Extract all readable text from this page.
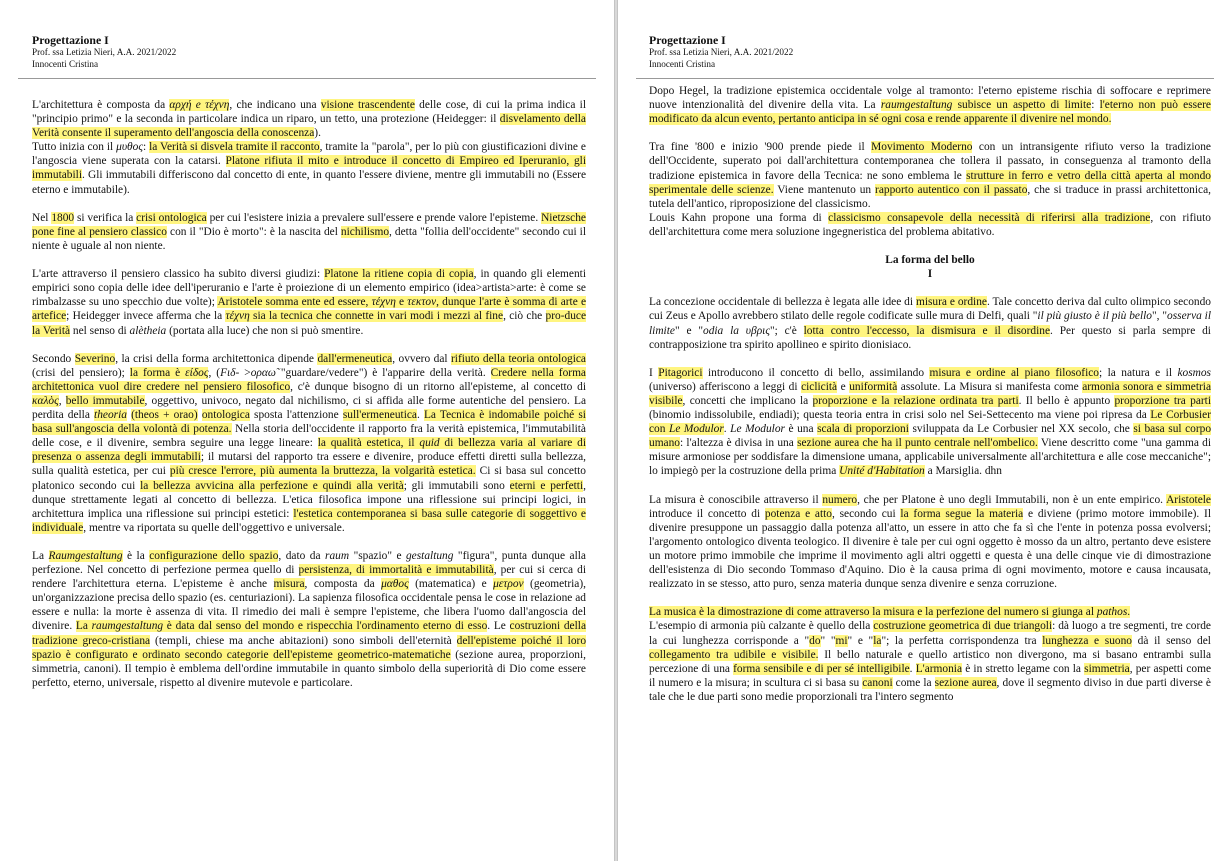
Progettazione I
Prof. ssa Letizia Nieri, A.A. 2021/2022
Innocenti Cristina

L'architettura è composta da αρχή e τέχνη, che indicano una visione trascendente delle cose, di cui la prima indica il "principio primo" e la seconda in particolare indica un riparo, un tetto, una protezione (Heidegger: il disvelamento della Verità consente il superamento dell'angoscia della conoscenza).

Tutto inizia con il μυθος: la Verità si disvela tramite il racconto, tramite la "parola", per lo più con giustificazioni divine e l'angoscia viene superata con la catarsi. Platone rifiuta il mito e introduce il concetto di Empireo ed Iperuranio, gli immutabili. Gli immutabili differiscono dal concetto di ente, in quanto l'essere diviene, mentre gli immutabili no (Essere eterno e immutabile).

Nel 1800 si verifica la crisi ontologica per cui l'esistere inizia a prevalere sull'essere e prende valore l'episteme. Nietzsche pone fine al pensiero classico con il "Dio è morto": è la nascita del nichilismo, detta "follia dell'occidente" secondo cui il niente è uguale al non niente.

L'arte attraverso il pensiero classico ha subito diversi giudizi: Platone la ritiene copia di copia, in quando gli elementi empirici sono copia delle idee dell'iperuranio e l'arte è proiezione di un elemento empirico (idea>artista>arte: è come se rimbalzasse su uno specchio due volte); Aristotele somma ente ed essere, τέχνη e τεκτον, dunque l'arte è somma di arte e artefice; Heidegger invece afferma che la τέχνη sia la tecnica che connette in vari modi i mezzi al fine, ciò che pro-duce la Verità nel senso di alètheia (portata alla luce) che non si può smentire.

Secondo Severino, la crisi della forma architettonica dipende dall'ermeneutica, ovvero dal rifiuto della teoria ontologica (crisi del pensiero); la forma è είδος, (Fιδ- >οραω̃ "guardare/vedere") è l'apparire della verità. Credere nella forma architettonica vuol dire credere nel pensiero filosofico, c'è dunque bisogno di un ritorno all'episteme, al concetto di καλὸς, bello immutabile, oggettivo, univoco, negato dal nichilismo, ci si affida alle forme autentiche del pensiero. La perdita della theoria (theos + orao) ontologica sposta l'attenzione sull'ermeneutica. La Tecnica è indomabile poiché si basa sull'angoscia della volontà di potenza. Nella storia dell'occidente il rapporto fra la verità epistemica, l'immutabilità delle cose, e il divenire, sembra seguire una legge lineare: la qualità estetica, il quid di bellezza varia al variare di presenza o assenza degli immutabili; il mutarsi del rapporto tra essere e divenire, produce effetti diretti sulla bellezza, sulla qualità estetica, per cui più cresce l'errore, più aumenta la bruttezza, la volgarità estetica. Ci si basa sul concetto platonico secondo cui la bellezza avvicina alla perfezione e quindi alla verità; gli immutabili sono eterni e perfetti, dunque strettamente legati al concetto di bellezza. L'etica filosofica impone una riflessione sui principi logici, in architettura implica una riflessione sui principi estetici: l'estetica contemporanea si basa sulle categorie di soggettivo e individuale, mentre va riportata su quelle dell'oggettivo e universale.

La Raumgestaltung è la configurazione dello spazio, dato da raum "spazio" e gestaltung "figura", punta dunque alla perfezione. Nel concetto di perfezione permea quello di persistenza, di immortalità e immutabilità, per cui si cerca di rendere l'architettura eterna. L'episteme è anche misura, composta da μαθος (matematica) e μετρον (geometria), un'organizzazione precisa dello spazio (es. centuriazioni). La sapienza filosofica occidentale pensa le cose in relazione ad essere e nulla: la morte è assenza di vita. Il rimedio dei mali è sempre l'episteme, che libera l'uomo dall'angoscia del divenire. La raumgestaltung è data dal senso del mondo e rispecchia l'ordinamento eterno di esso. Le costruzioni della tradizione greco-cristiana (templi, chiese ma anche abitazioni) sono simboli dell'eternità dell'episteme poiché il loro spazio è configurato e ordinato secondo categorie dell'episteme geometrico-matematiche (sezione aurea, proporzioni, simmetria, canoni). Il tempio è emblema dell'ordine immutabile in quanto simbolo della superiorità di Dio come essere perfetto, eterno, universale, rispetto al divenire mutevole e particolare.

Progettazione I
Prof. ssa Letizia Nieri, A.A. 2021/2022
Innocenti Cristina

Dopo Hegel, la tradizione epistemica occidentale volge al tramonto: l'eterno episteme rischia di soffocare e reprimere nuove intenzionalità del divenire della vita. La raumgestaltung subisce un aspetto di limite: l'eterno non può essere modificato da alcun evento, pertanto anticipa in sé ogni cosa e rende apparente il divenire nel mondo.

Tra fine '800 e inizio '900 prende piede il Movimento Moderno con un intransigente rifiuto verso la tradizione dell'Occidente, superato poi dall'architettura contemporanea che tollera il passato, in conseguenza al tramonto della tradizione epistemica in favore della Tecnica: ne sono emblema le strutture in ferro e vetro della città aperta al mondo sperimentale delle scienze. Viene mantenuto un rapporto autentico con il passato, che si traduce in prassi architettonica, tutela dell'antico, riproposizione del classicismo.

Louis Kahn propone una forma di classicismo consapevole della necessità di riferirsi alla tradizione, con rifiuto dell'architettura come mera soluzione ingegneristica del problema abitativo.

La forma del bello
I

La concezione occidentale di bellezza è legata alle idee di misura e ordine. Tale concetto deriva dal culto olimpico secondo cui Zeus e Apollo avrebbero stilato delle regole codificate sulle mura di Delfi, quali "il più giusto è il più bello", "osserva il limite" e "odia la υβρις"; c'è lotta contro l'eccesso, la dismisura e il disordine. Per questo si parla sempre di contrapposizione tra spirito apollineo e spirito dionisiaco.

I Pitagorici introducono il concetto di bello, assimilando misura e ordine al piano filosofico; la natura e il kosmos (universo) afferiscono a leggi di ciclicità e uniformità assolute. La Misura si manifesta come armonia sonora e simmetria visibile, concetti che implicano la proporzione e la relazione ordinata tra parti. Il bello è appunto proporzione tra parti (binomio indissolubile, endiadi); questa teoria entra in crisi solo nel Sei-Settecento ma viene poi ripresa da Le Corbusier con Le Modulor. Le Modulor è una scala di proporzioni sviluppata da Le Corbusier nel XX secolo, che si basa sul corpo umano: l'altezza è divisa in una sezione aurea che ha il punto centrale nell'ombelico. Viene descritto come "una gamma di misure armoniose per soddisfare la dimensione umana, applicabile universalmente all'architettura e alle cose meccaniche"; lo impiegò per la costruzione della prima Unité d'Habitation a Marsiglia. dhn

La misura è conoscibile attraverso il numero, che per Platone è uno degli Immutabili, non è un ente empirico. Aristotele introduce il concetto di potenza e atto, secondo cui la forma segue la materia e diviene (primo motore immobile). Il divenire presuppone un passaggio dalla potenza all'atto, un essere in atto che fa sì che l'ente in potenza possa evolversi; l'argomento ontologico diventa teologico. Il divenire è tale per cui ogni oggetto è mosso da un altro, pertanto deve esistere un motore primo immobile che imprime il movimento agli altri oggetti e questa è una delle cinque vie di dimostrazione dell'esistenza di Dio secondo Tommaso d'Aquino. Dio è la causa prima di ogni movimento, motore e causa incausata, realizzato in se stesso, atto puro, senza materia dunque senza divenire e senza corruzione.

La musica è la dimostrazione di come attraverso la misura e la perfezione del numero si giunga al pathos.

L'esempio di armonia più calzante è quello della costruzione geometrica di due triangoli: dà luogo a tre segmenti, tre corde la cui lunghezza corrisponde a "do" "mi" e "la"; la perfetta corrispondenza tra lunghezza e suono dà il senso del collegamento tra udibile e visibile. Il bello naturale e quello artistico non divergono, ma si basano entrambi sulla percezione di una forma sensibile e di per sé intelligibile. L'armonia è in stretto legame con la simmetria, per aspetti come il numero e la misura; in scultura ci si basa su canoni come la sezione aurea, dove il segmento diviso in due parti diverse è tale che le due parti sono medie proporzionali tra l'intero segmento
